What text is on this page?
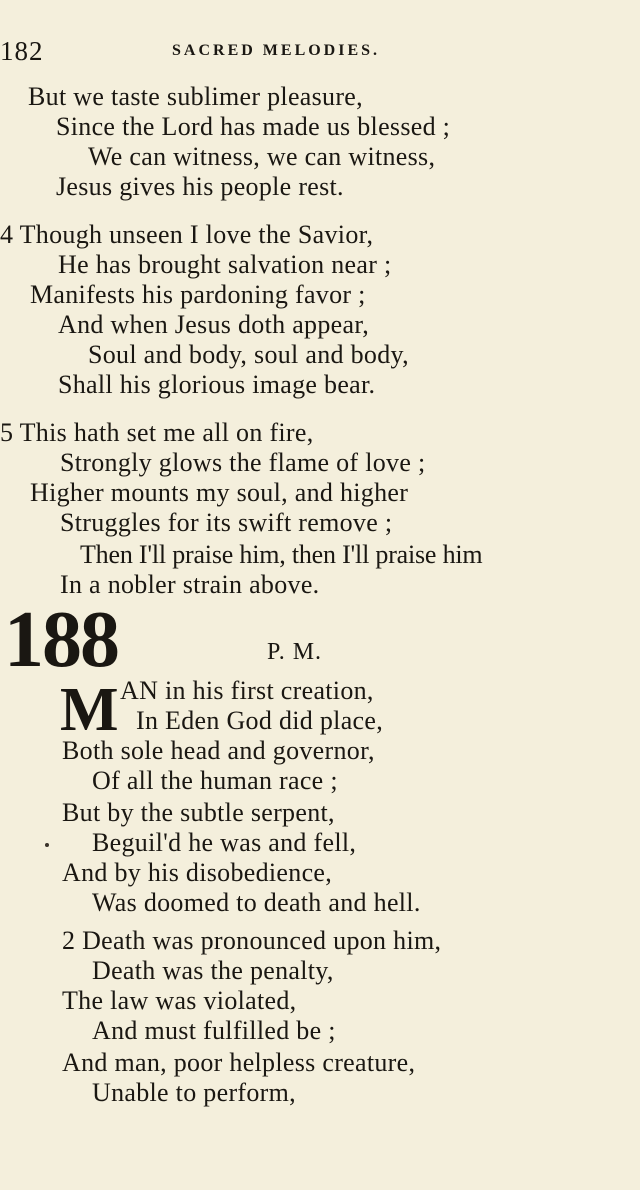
182	SACRED MELODIES.
But we taste sublimer pleasure,
Since the Lord has made us blessed ;
We can witness, we can witness,
Jesus gives his people rest.
4 Though unseen I love the Savior,
He has brought salvation near ;
Manifests his pardoning favor ;
And when Jesus doth appear,
Soul and body, soul and body,
Shall his glorious image bear.
5 This hath set me all on fire,
Strongly glows the flame of love ;
Higher mounts my soul, and higher
Struggles for its swift remove ;
Then I'll praise him, then I'll praise him
In a nobler strain above.
188	P. M.
M AN in his first creation,
In Eden God did place,
Both sole head and governor,
Of all the human race ;
But by the subtle serpent,
Beguil'd he was and fell,
And by his disobedience,
Was doomed to death and hell.
2 Death was pronounced upon him,
Death was the penalty,
The law was violated,
And must fulfilled be ;
And man, poor helpless creature,
Unable to perform,
